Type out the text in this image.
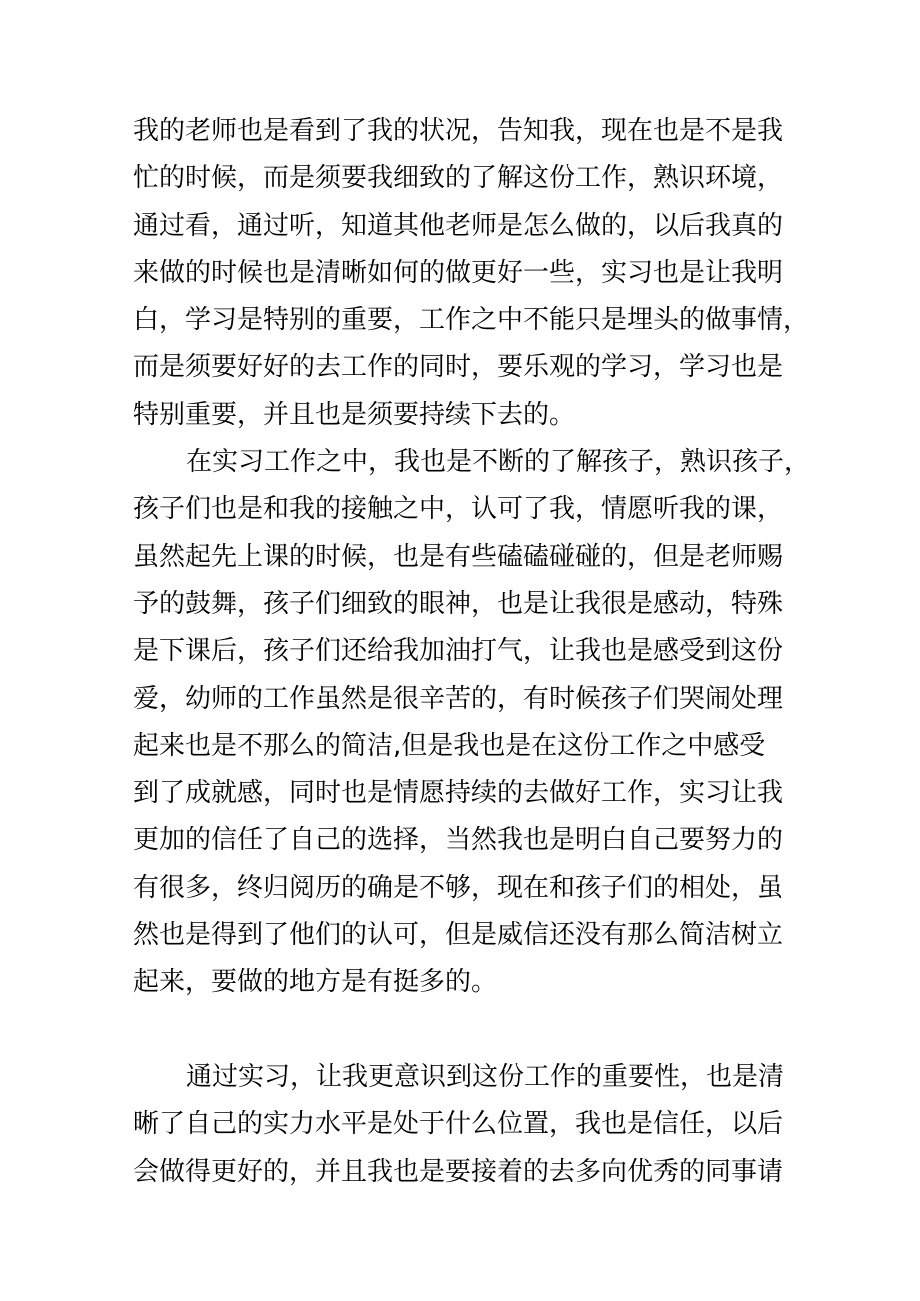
我的老师也是看到了我的状况，告知我，现在也是不是我
忙的时候，而是须要我细致的了解这份工作，熟识环境，
通过看，通过听，知道其他老师是怎么做的，以后我真的
来做的时候也是清晰如何的做更好一些，实习也是让我明
白，学习是特别的重要，工作之中不能只是埋头的做事情，
而是须要好好的去工作的同时，要乐观的学习，学习也是
特别重要，并且也是须要持续下去的。
在实习工作之中，我也是不断的了解孩子，熟识孩子，
孩子们也是和我的接触之中，认可了我，情愿听我的课，
虽然起先上课的时候，也是有些磕磕碰碰的，但是老师赐
予的鼓舞，孩子们细致的眼神，也是让我很是感动，特殊
是下课后，孩子们还给我加油打气，让我也是感受到这份
爱，幼师的工作虽然是很辛苦的，有时候孩子们哭闹处理
起来也是不那么的简洁,但是我也是在这份工作之中感受
到了成就感，同时也是情愿持续的去做好工作，实习让我
更加的信任了自己的选择，当然我也是明白自己要努力的
有很多，终归阅历的确是不够，现在和孩子们的相处，虽
然也是得到了他们的认可，但是威信还没有那么简洁树立
起来，要做的地方是有挺多的。
通过实习，让我更意识到这份工作的重要性，也是清
晰了自己的实力水平是处于什么位置，我也是信任，以后
会做得更好的，并且我也是要接着的去多向优秀的同事请
